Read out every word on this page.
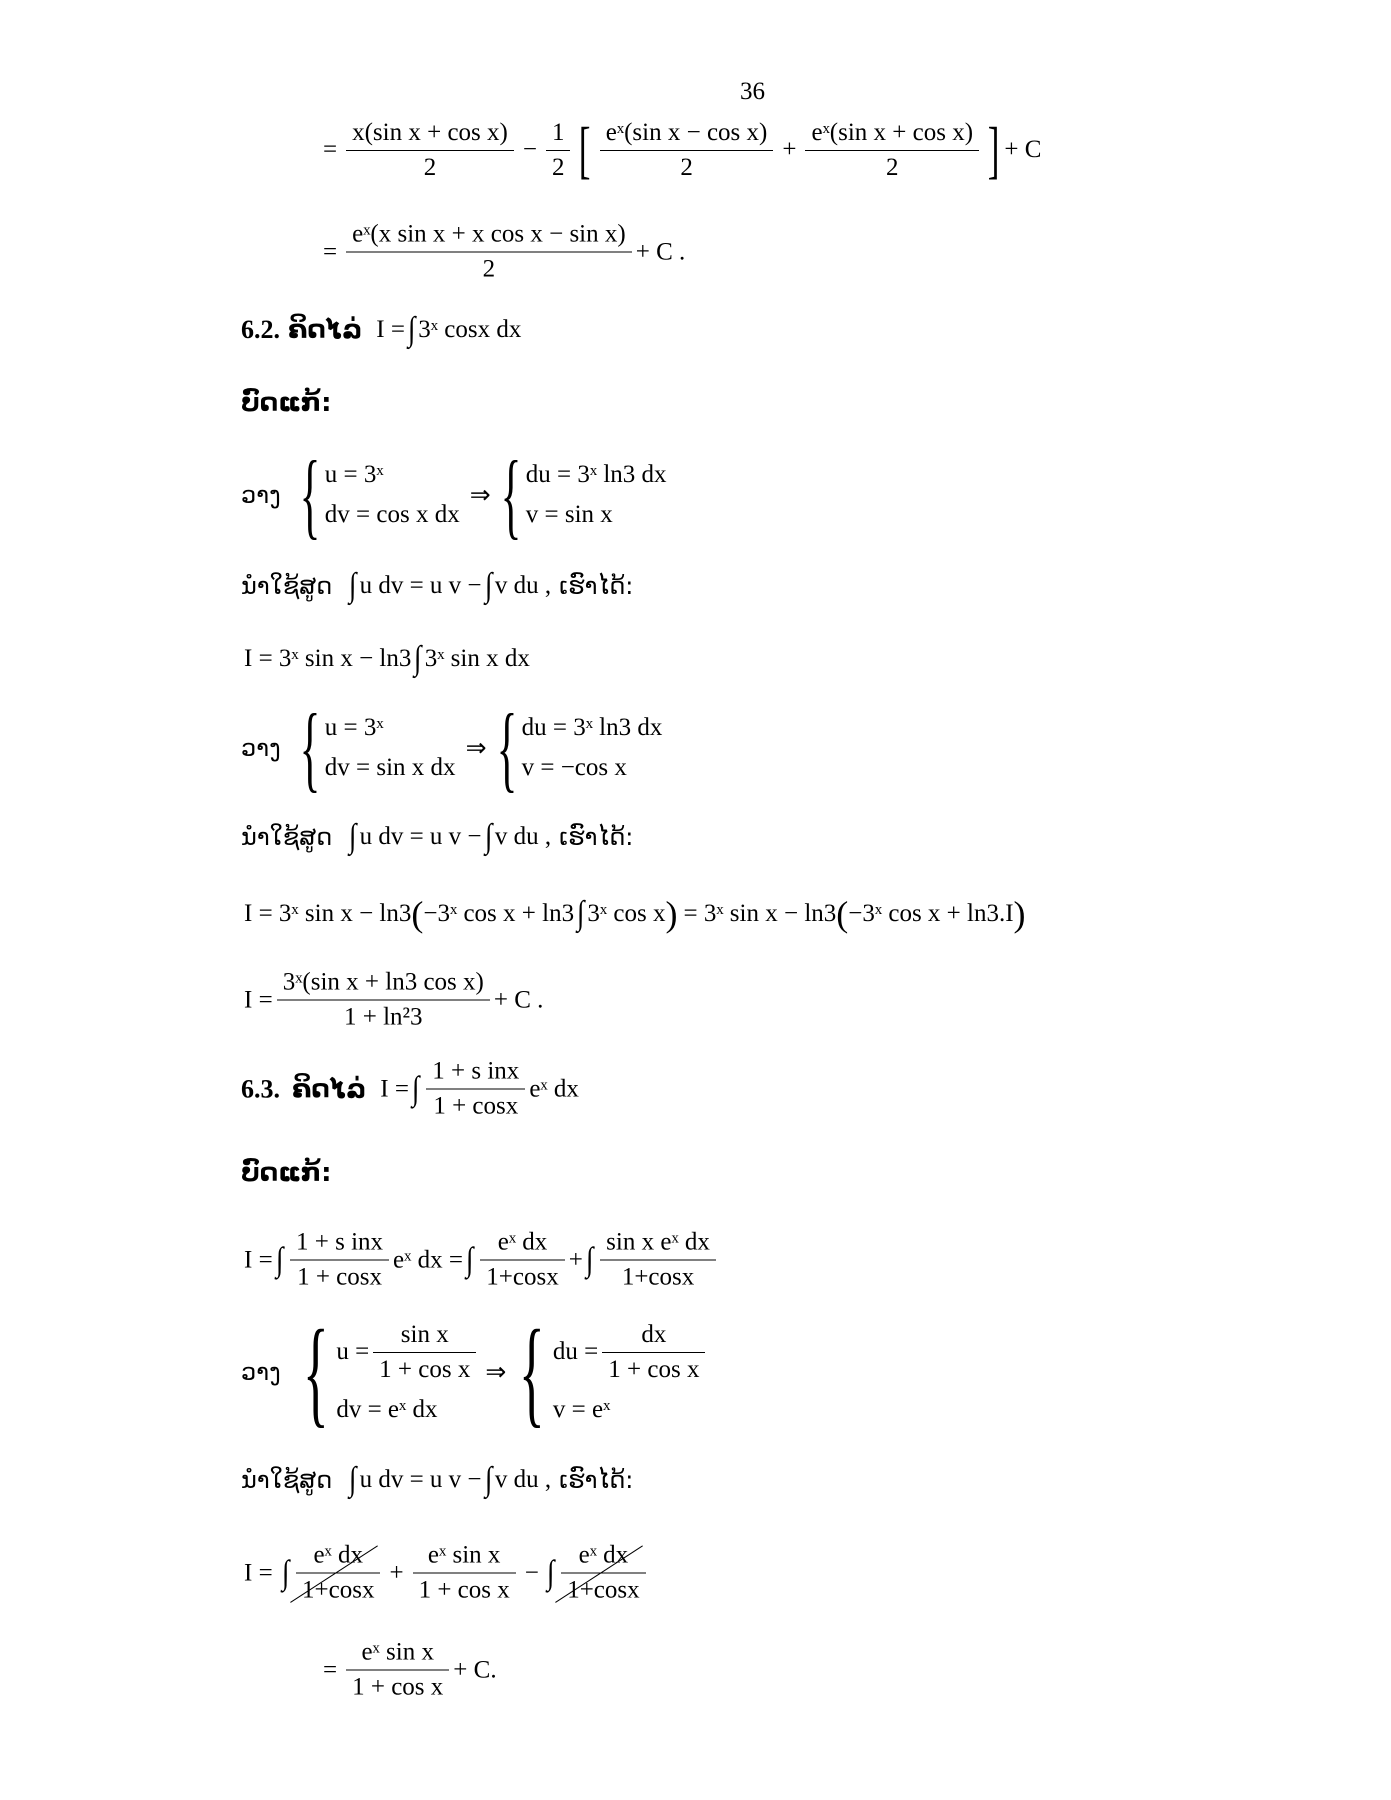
36
= $\frac{\text{x(sin x + cos x)}}{2} - \frac{1}{2}$ [ $\frac{\text{eˣ(sin x − cos x)}}{2} + \frac{\text{eˣ(sin x + cos x)}}{2}$ ] + C
= $\frac{\text{eˣ(x sin x + x cos x − sin x)}}{2} + C$ .
6.2. ຄິດໄລ່ I = ∫ 3ˣ cosx dx
ບົດແກ້:
ວາງ { u = 3ˣ
dv = cos x dx
⇒ { du = 3ˣ ln3 dx
v = sin x
ນຳໃຊ້ສູດ ∫ u dv = u v − ∫ v du , ເຮົາໄດ້:
I = 3ˣ sin x − ln3 ∫ 3ˣ sin x dx
ວາງ { u = 3ˣ
dv = sin x dx
⇒ { du = 3ˣ ln3 dx
v = −cos x
ນຳໃຊ້ສູດ ∫ u dv = u v − ∫ v du , ເຮົາໄດ້:
I = 3ˣ sin x − ln3 ( −3ˣ cos x + ln3 ∫ 3ˣ cos x ) = 3ˣ sin x − ln3 ( −3ˣ cos x + ln3.I )
$I = \frac{\text{3ˣ(sin x + ln3 cos x)}}{\text{1 + ln²3}} + C$ .
6.3. ຄິດໄລ່ I = ∫ $\frac{\text{1 + s inx}}{1 + \cos x}$ eˣ dx
ບົດແກ້:
I = ∫ $\frac{\text{1 + s inx}}{1 + \cos x}$ eˣ dx = ∫ $\frac{\text{eˣ dx}}{1+\cos x}$ + ∫ $\frac{\text{sin x eˣ dx}}{1+\cos x}$
ວາງ { $u = \frac{\text{sin x}}{\text{1 + cos x}}$
dv = eˣ dx
⇒ { du = $\frac{dx}{\text{1 + cos x}}$
v = eˣ
ນຳໃຊ້ສູດ ∫ u dv = u v − ∫ v du , ເຮົາໄດ້:
I = ∫ $\frac{\text{eˣ dx}}{1+\cos x} + \frac{\text{eˣ sin x}}{\text{1 + cos x}}$ − ∫ $\frac{\text{eˣ dx}}{1+\cos x}$
= $\frac{\text{eˣ sin x}}{\text{1 + cos x}} + C$.
